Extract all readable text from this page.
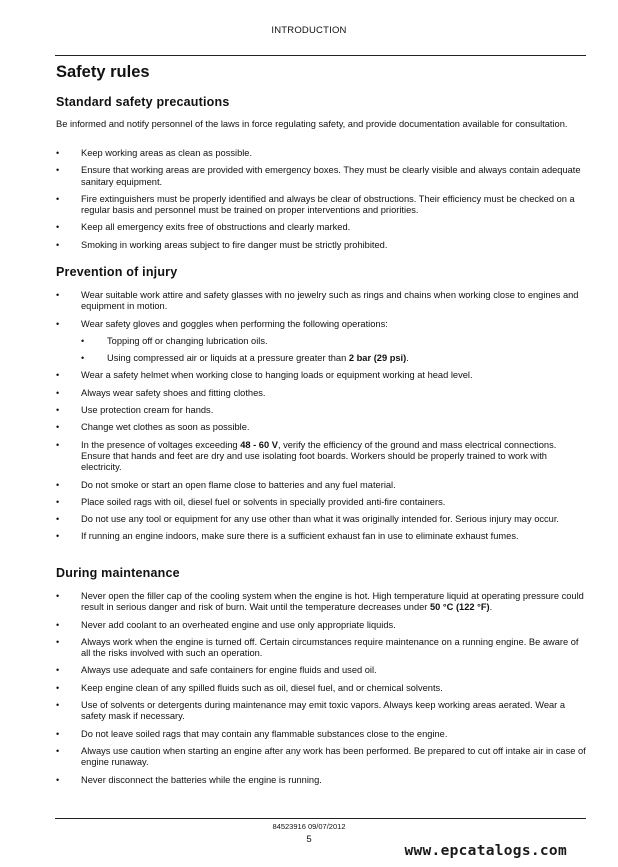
INTRODUCTION
Safety rules
Standard safety precautions

Be informed and notify personnel of the laws in force regulating safety, and provide documentation available for consultation.

• Keep working areas as clean as possible.
• Ensure that working areas are provided with emergency boxes. They must be clearly visible and always contain adequate sanitary equipment.
• Fire extinguishers must be properly identified and always be clear of obstructions. Their efficiency must be checked on a regular basis and personnel must be trained on proper interventions and priorities.
• Keep all emergency exits free of obstructions and clearly marked.
• Smoking in working areas subject to fire danger must be strictly prohibited.
Prevention of injury
• Wear suitable work attire and safety glasses with no jewelry such as rings and chains when working close to engines and equipment in motion.
• Wear safety gloves and goggles when performing the following operations:
• Topping off or changing lubrication oils.
• Using compressed air or liquids at a pressure greater than 2 bar (29 psi).
• Wear a safety helmet when working close to hanging loads or equipment working at head level.
• Always wear safety shoes and fitting clothes.
• Use protection cream for hands.
• Change wet clothes as soon as possible.
• In the presence of voltages exceeding 48 - 60 V, verify the efficiency of the ground and mass electrical connections. Ensure that hands and feet are dry and use isolating foot boards. Workers should be properly trained to work with electricity.
• Do not smoke or start an open flame close to batteries and any fuel material.
• Place soiled rags with oil, diesel fuel or solvents in specially provided anti-fire containers.
• Do not use any tool or equipment for any use other than what it was originally intended for. Serious injury may occur.
• If running an engine indoors, make sure there is a sufficient exhaust fan in use to eliminate exhaust fumes.
During maintenance
• Never open the filler cap of the cooling system when the engine is hot. High temperature liquid at operating pressure could result in serious danger and risk of burn. Wait until the temperature decreases under 50 °C (122 °F).
• Never add coolant to an overheated engine and use only appropriate liquids.
• Always work when the engine is turned off. Certain circumstances require maintenance on a running engine. Be aware of all the risks involved with such an operation.
• Always use adequate and safe containers for engine fluids and used oil.
• Keep engine clean of any spilled fluids such as oil, diesel fuel, and or chemical solvents.
• Use of solvents or detergents during maintenance may emit toxic vapors. Always keep working areas aerated. Wear a safety mask if necessary.
• Do not leave soiled rags that may contain any flammable substances close to the engine.
• Always use caution when starting an engine after any work has been performed. Be prepared to cut off intake air in case of engine runaway.
• Never disconnect the batteries while the engine is running.
84523916 09/07/2012
5
www.epcatalogs.com
